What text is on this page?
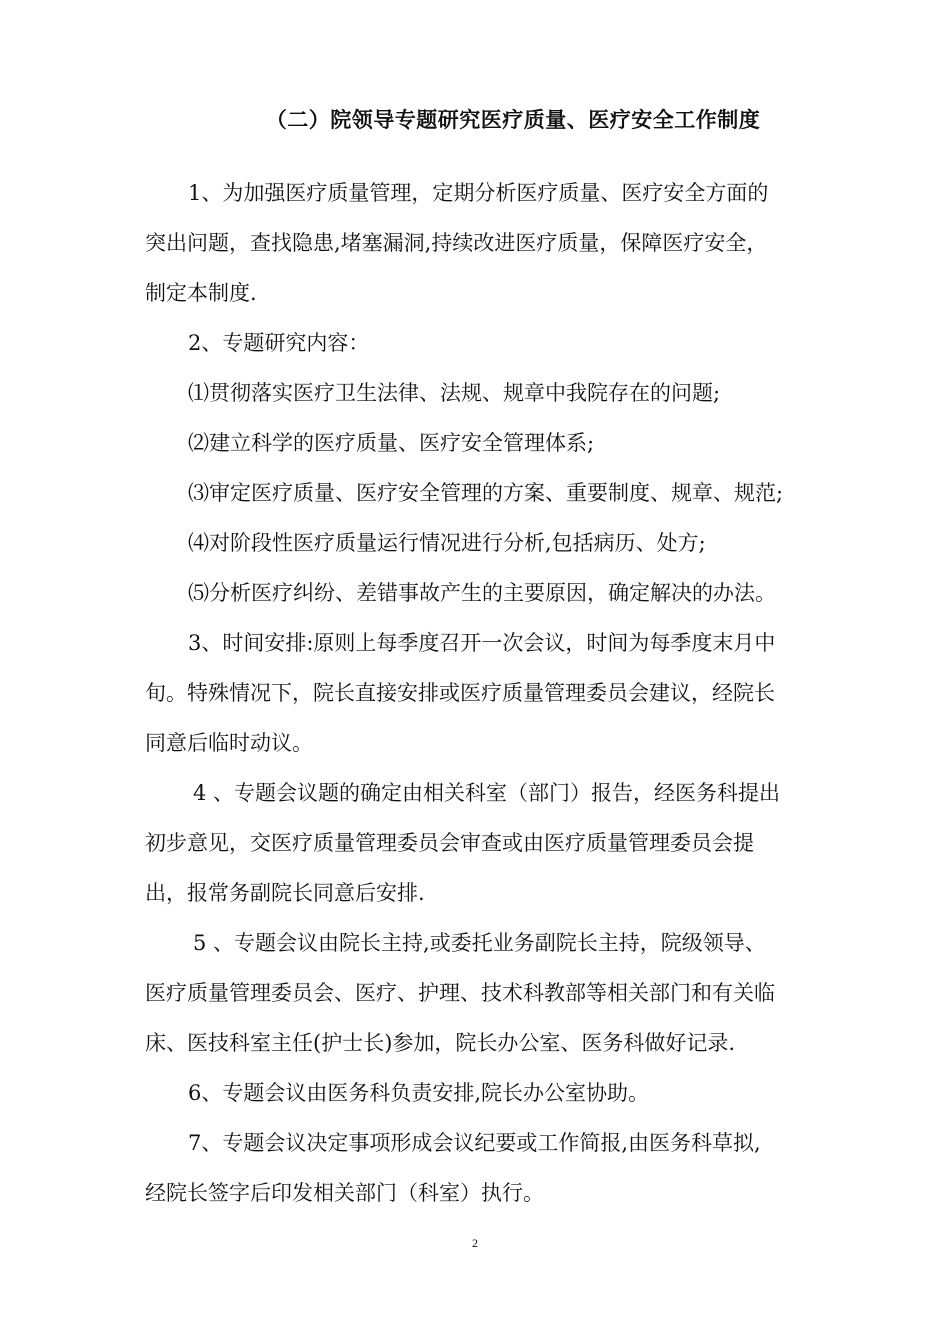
（二）院领导专题研究医疗质量、医疗安全工作制度
1、为加强医疗质量管理，定期分析医疗质量、医疗安全方面的
突出问题，查找隐患,堵塞漏洞,持续改进医疗质量，保障医疗安全，
制定本制度.
2、专题研究内容：
⑴贯彻落实医疗卫生法律、法规、规章中我院存在的问题;
⑵建立科学的医疗质量、医疗安全管理体系;
⑶审定医疗质量、医疗安全管理的方案、重要制度、规章、规范;
⑷对阶段性医疗质量运行情况进行分析,包括病历、处方;
⑸分析医疗纠纷、差错事故产生的主要原因，确定解决的办法。
3、时间安排:原则上每季度召开一次会议，时间为每季度末月中
旬。特殊情况下，院长直接安排或医疗质量管理委员会建议，经院长
同意后临时动议。
4 、专题会议题的确定由相关科室（部门）报告，经医务科提出
初步意见，交医疗质量管理委员会审查或由医疗质量管理委员会提
出，报常务副院长同意后安排.
5 、专题会议由院长主持,或委托业务副院长主持，院级领导、
医疗质量管理委员会、医疗、护理、技术科教部等相关部门和有关临
床、医技科室主任(护士长)参加，院长办公室、医务科做好记录.
6、专题会议由医务科负责安排,院长办公室协助。
7、专题会议决定事项形成会议纪要或工作简报,由医务科草拟,
经院长签字后印发相关部门（科室）执行。
2
